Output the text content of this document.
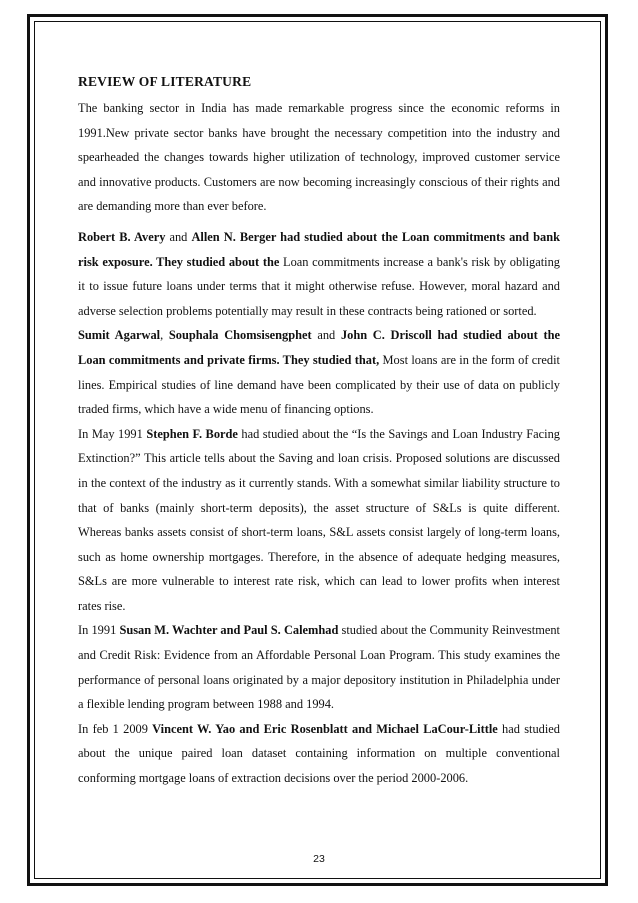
REVIEW OF LITERATURE

The banking sector in India has made remarkable progress since the economic reforms in 1991.New private sector banks have brought the necessary competition into the industry and spearheaded the changes towards higher utilization of technology, improved customer service and innovative products. Customers are now becoming increasingly conscious of their rights and are demanding more than ever before.

Robert B. Avery and Allen N. Berger had studied about the Loan commitments and bank risk exposure. They studied about the Loan commitments increase a bank's risk by obligating it to issue future loans under terms that it might otherwise refuse. However, moral hazard and adverse selection problems potentially may result in these contracts being rationed or sorted.

Sumit Agarwal, Souphala Chomsisengphet and John C. Driscoll had studied about the Loan commitments and private firms. They studied that, Most loans are in the form of credit lines. Empirical studies of line demand have been complicated by their use of data on publicly traded firms, which have a wide menu of financing options.

In May 1991 Stephen F. Borde had studied about the “Is the Savings and Loan Industry Facing Extinction?” This article tells about the Saving and loan crisis. Proposed solutions are discussed in the context of the industry as it currently stands. With a somewhat similar liability structure to that of banks (mainly short-term deposits), the asset structure of S&Ls is quite different. Whereas banks assets consist of short-term loans, S&L assets consist largely of long-term loans, such as home ownership mortgages. Therefore, in the absence of adequate hedging measures, S&Ls are more vulnerable to interest rate risk, which can lead to lower profits when interest rates rise.

In 1991 Susan M. Wachter and Paul S. Calemhad studied about the Community Reinvestment and Credit Risk: Evidence from an Affordable Personal Loan Program. This study examines the performance of personal loans originated by a major depository institution in Philadelphia under a flexible lending program between 1988 and 1994.

In feb 1 2009 Vincent W. Yao and Eric Rosenblatt and Michael LaCour-Little had studied about the unique paired loan dataset containing information on multiple conventional conforming mortgage loans of extraction decisions over the period 2000-2006.

23
